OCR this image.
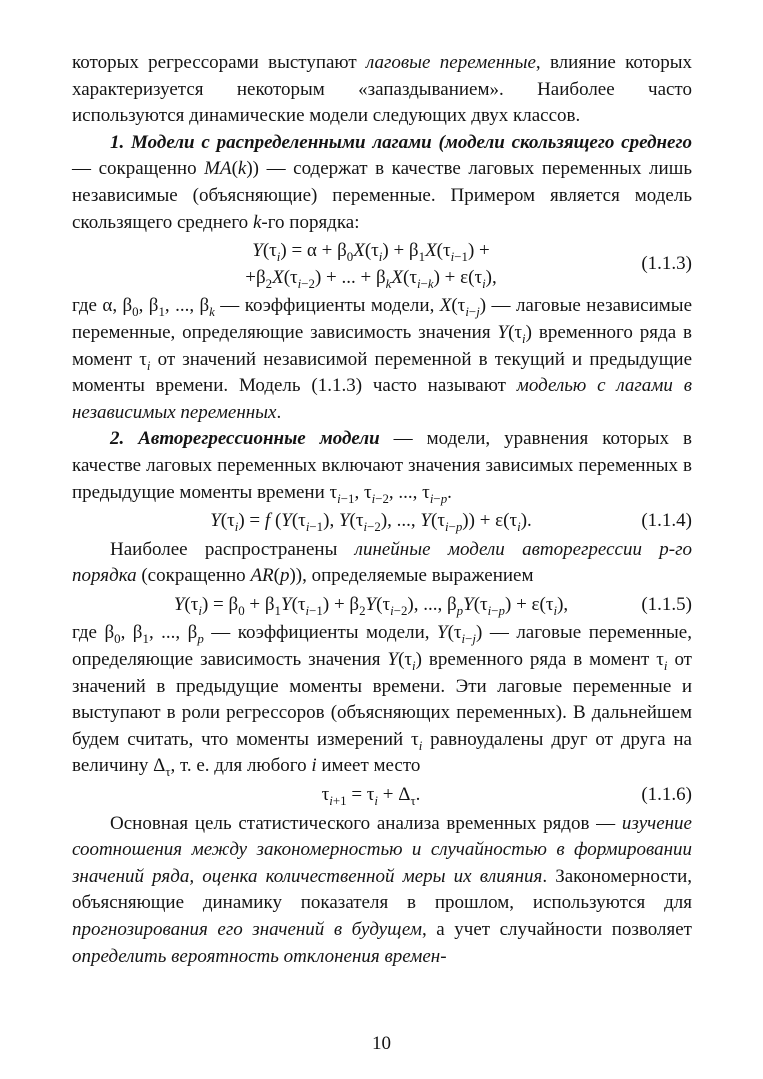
которых регрессорами выступают лаговые переменные, влияние которых характеризуется некоторым «запаздыванием». Наиболее часто используются динамические модели следующих двух классов.

1. Модели с распределенными лагами (модели скользящего среднего — сокращенно MA(k)) — содержат в качестве лаговых переменных лишь независимые (объясняющие) переменные. Примером является модель скользящего среднего k-го порядка:

$Y(\tau_i) = \alpha + \beta_0X(\tau_i) + \beta_1X(\tau_{i-1})$ +
$+\beta_2X(\tau_{i-2})$ + ... + $\beta_kX(\tau_{i-k}) + \varepsilon(\tau_i)$,
(1.1.3)

где α, $\beta_0$, $\beta_1$, ..., $\beta_k$ — коэффициенты модели, $X(\tau_{i-j})$ — лаговые независимые переменные, определяющие зависимость значения $Y(\tau_i)$ временного ряда в момент $\tau_i$ от значений независимой переменной в текущий и предыдущие моменты времени. Модель (1.1.3) часто называют моделью с лагами в независимых переменных.

2. Авторегрессионные модели — модели, уравнения которых в качестве лаговых переменных включают значения зависимых переменных в предыдущие моменты времени $\tau_{i-1}$, $\tau_{i-2}$, ..., $\tau_{i-p}$.

$Y(\tau_i) = f$ ($Y(\tau_{i-1})$, $Y(\tau_{i-2})$, ..., $Y(\tau_{i-p})) + \varepsilon(\tau_i)$.	(1.1.4)

Наиболее распространены линейные модели авторегрессии p-го порядка (сокращенно AR(p)), определяемые выражением

$Y(\tau_i) = \beta_0 + \beta_1Y(\tau_{i-1}) + \beta_2Y(\tau_{i-2})$, ..., $\beta_pY(\tau_{i-p}) + \varepsilon(\tau_i)$,	(1.1.5)

где $\beta_0$, $\beta_1$, ..., $\beta_p$ — коэффициенты модели, $Y(\tau_{i-j})$ — лаговые переменные, определяющие зависимость значения $Y(\tau_i)$ временного ряда в момент $\tau_i$ от значений в предыдущие моменты времени. Эти лаговые переменные и выступают в роли регрессоров (объясняющих переменных). В дальнейшем будем считать, что моменты измерений $\tau_i$ равноудалены друг от друга на величину $\Delta_\tau$, т. е. для любого i имеет место

$\tau_{i+1} = \tau_i + \Delta_\tau$.	(1.1.6)

Основная цель статистического анализа временных рядов — изучение соотношения между закономерностью и случайностью в формировании значений ряда, оценка количественной меры их влияния. Закономерности, объясняющие динамику показателя в прошлом, используются для прогнозирования его значений в будущем, а учет случайности позволяет определить вероятность отклонения времен-

10
